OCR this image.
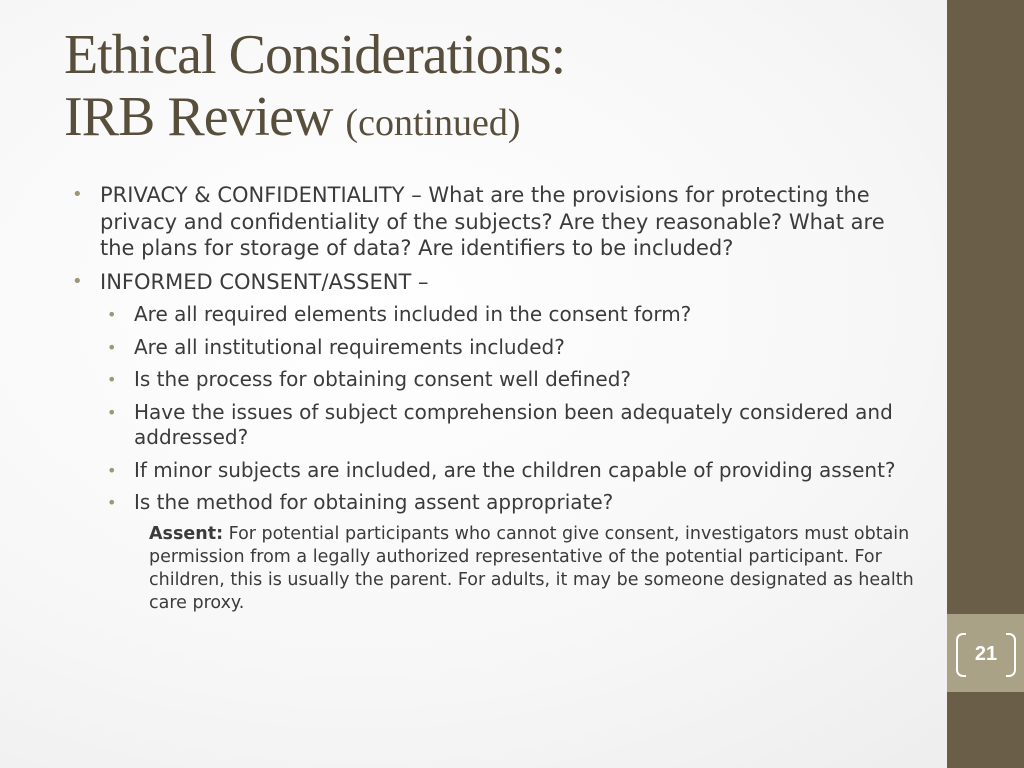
21
Ethical Considerations:
IRB Review (continued)
• PRIVACY & CONFIDENTIALITY – What are the provisions for protecting the privacy and confidentiality of the subjects? Are they reasonable? What are the plans for storage of data? Are identifiers to be included?
• INFORMED CONSENT/ASSENT –
• Are all required elements included in the consent form?
• Are all institutional requirements included?
• Is the process for obtaining consent well defined?
• Have the issues of subject comprehension been adequately considered and addressed?
• If minor subjects are included, are the children capable of providing assent?
• Is the method for obtaining assent appropriate?
Assent: For potential participants who cannot give consent, investigators must obtain permission from a legally authorized representative of the potential participant. For children, this is usually the parent. For adults, it may be someone designated as health care proxy.
